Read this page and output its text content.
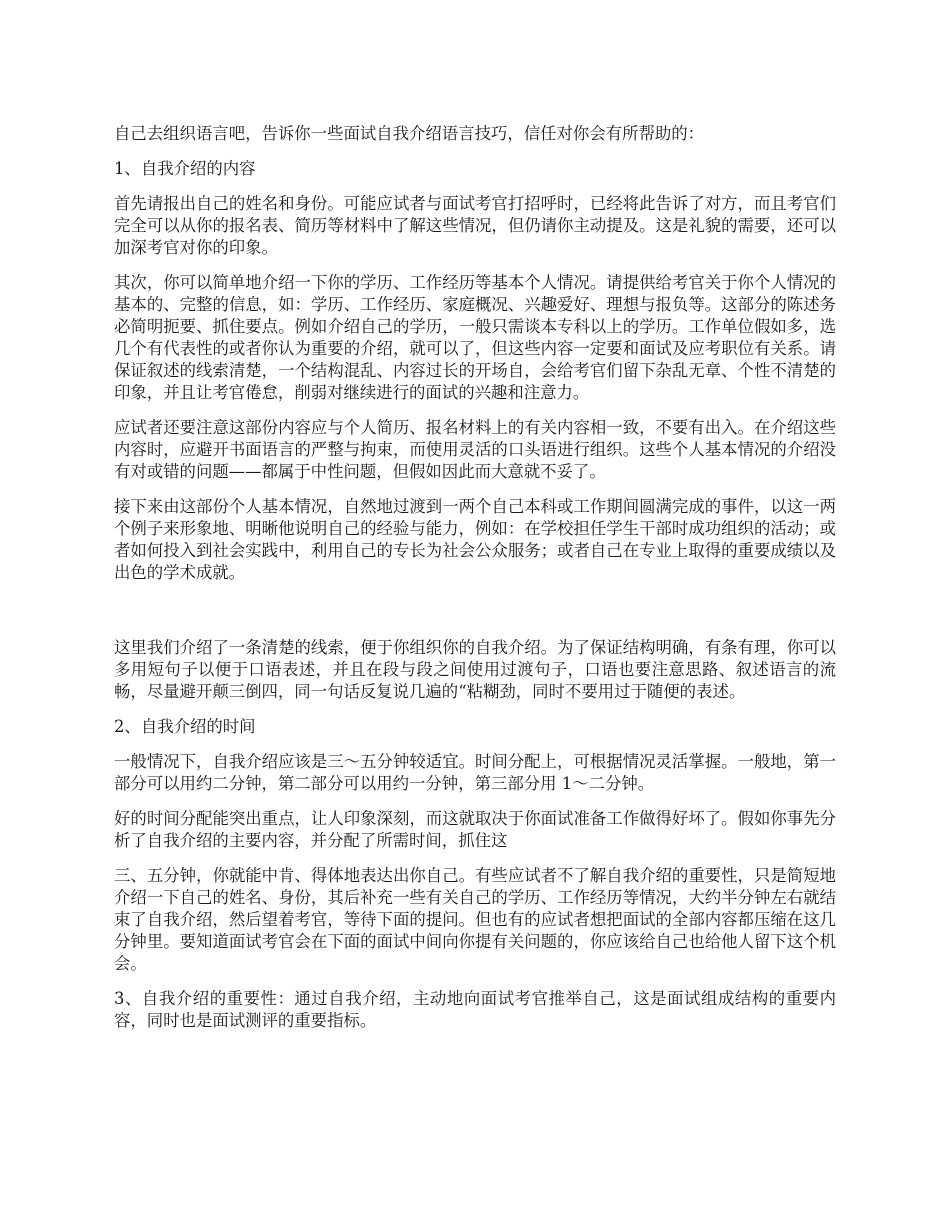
自己去组织语言吧，告诉你一些面试自我介绍语言技巧，信任对你会有所帮助的：

1、自我介绍的内容

首先请报出自己的姓名和身份。可能应试者与面试考官打招呼时，已经将此告诉了对方，而且考官们完全可以从你的报名表、简历等材料中了解这些情况，但仍请你主动提及。这是礼貌的需要，还可以加深考官对你的印象。

其次，你可以简单地介绍一下你的学历、工作经历等基本个人情况。请提供给考官关于你个人情况的基本的、完整的信息，如：学历、工作经历、家庭概况、兴趣爱好、理想与报负等。这部分的陈述务必简明扼要、抓住要点。例如介绍自己的学历，一般只需谈本专科以上的学历。工作单位假如多，选几个有代表性的或者你认为重要的介绍，就可以了，但这些内容一定要和面试及应考职位有关系。请保证叙述的线索清楚，一个结构混乱、内容过长的开场自，会给考官们留下杂乱无章、个性不清楚的印象，并且让考官倦怠，削弱对继续进行的面试的兴趣和注意力。

应试者还要注意这部份内容应与个人简历、报名材料上的有关内容相一致，不要有出入。在介绍这些内容时，应避开书面语言的严整与拘束，而使用灵活的口头语进行组织。这些个人基本情况的介绍没有对或错的问题——都属于中性问题，但假如因此而大意就不妥了。

接下来由这部份个人基本情况，自然地过渡到一两个自己本科或工作期间圆满完成的事件，以这一两个例子来形象地、明晰他说明自己的经验与能力，例如：在学校担任学生干部时成功组织的活动；或者如何投入到社会实践中，利用自己的专长为社会公众服务；或者自己在专业上取得的重要成绩以及出色的学术成就。

这里我们介绍了一条清楚的线索，便于你组织你的自我介绍。为了保证结构明确，有条有理，你可以多用短句子以便于口语表述，并且在段与段之间使用过渡句子，口语也要注意思路、叙述语言的流畅，尽量避开颠三倒四，同一句话反复说几遍的“粘糊劲，同时不要用过于随便的表述。

2、自我介绍的时间

一般情况下，自我介绍应该是三～五分钟较适宜。时间分配上，可根据情况灵活掌握。一般地，第一部分可以用约二分钟，第二部分可以用约一分钟，第三部分用 1～二分钟。

好的时间分配能突出重点，让人印象深刻，而这就取决于你面试准备工作做得好坏了。假如你事先分析了自我介绍的主要内容，并分配了所需时间，抓住这

三、五分钟，你就能中肯、得体地表达出你自己。有些应试者不了解自我介绍的重要性，只是简短地介绍一下自己的姓名、身份，其后补充一些有关自己的学历、工作经历等情况，大约半分钟左右就结束了自我介绍，然后望着考官，等待下面的提问。但也有的应试者想把面试的全部内容都压缩在这几分钟里。要知道面试考官会在下面的面试中间向你提有关问题的，你应该给自己也给他人留下这个机会。

3、自我介绍的重要性：通过自我介绍，主动地向面试考官推举自己，这是面试组成结构的重要内容，同时也是面试测评的重要指标。
